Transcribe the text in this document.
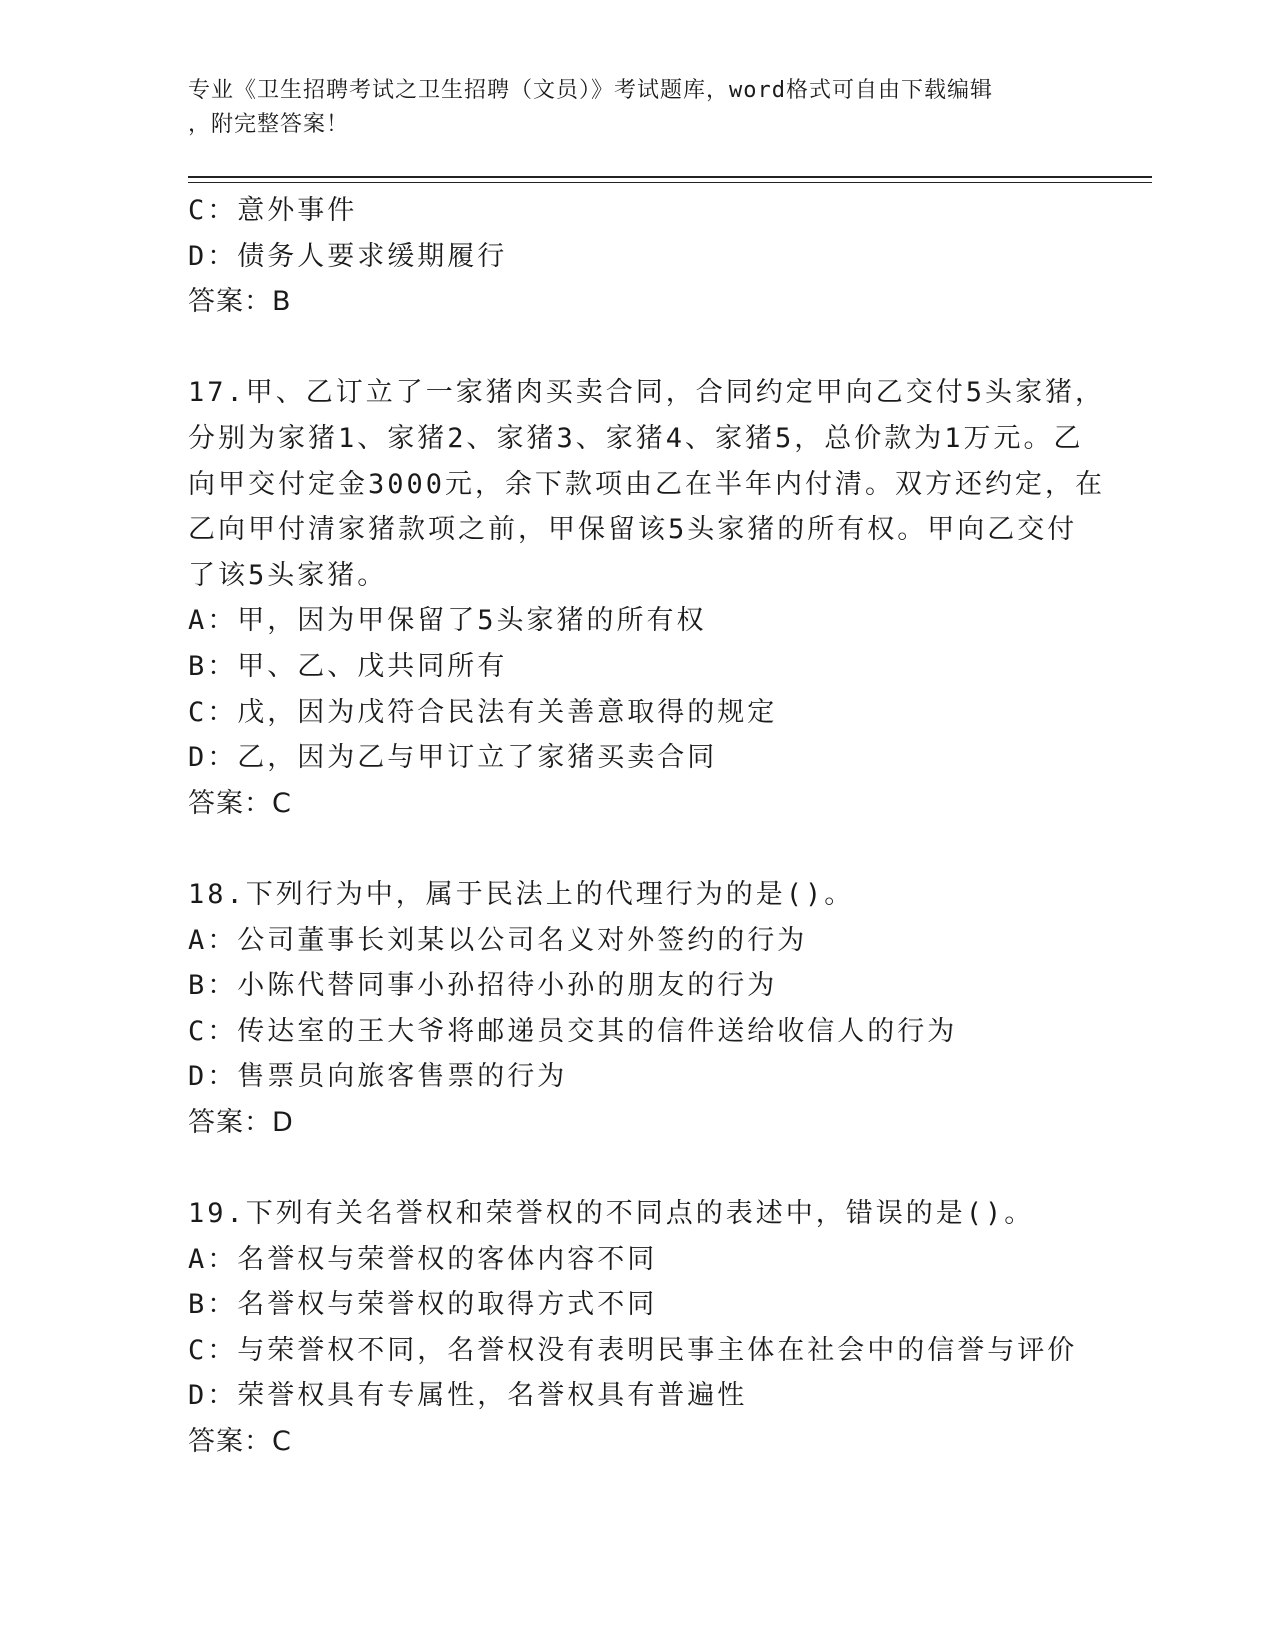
专业《卫生招聘考试之卫生招聘（文员）》考试题库，word格式可自由下载编辑
，附完整答案！
C：意外事件
D：债务人要求缓期履行
答案：B
17.甲、乙订立了一家猪肉买卖合同，合同约定甲向乙交付5头家猪，
分别为家猪1、家猪2、家猪3、家猪4、家猪5，总价款为1万元。乙
向甲交付定金3000元，余下款项由乙在半年内付清。双方还约定，在
乙向甲付清家猪款项之前，甲保留该5头家猪的所有权。甲向乙交付
了该5头家猪。
A：甲，因为甲保留了5头家猪的所有权
B：甲、乙、戊共同所有
C：戊，因为戊符合民法有关善意取得的规定
D：乙，因为乙与甲订立了家猪买卖合同
答案：C
18.下列行为中，属于民法上的代理行为的是()。
A：公司董事长刘某以公司名义对外签约的行为
B：小陈代替同事小孙招待小孙的朋友的行为
C：传达室的王大爷将邮递员交其的信件送给收信人的行为
D：售票员向旅客售票的行为
答案：D
19.下列有关名誉权和荣誉权的不同点的表述中，错误的是()。
A：名誉权与荣誉权的客体内容不同
B：名誉权与荣誉权的取得方式不同
C：与荣誉权不同，名誉权没有表明民事主体在社会中的信誉与评价
D：荣誉权具有专属性，名誉权具有普遍性
答案：C
